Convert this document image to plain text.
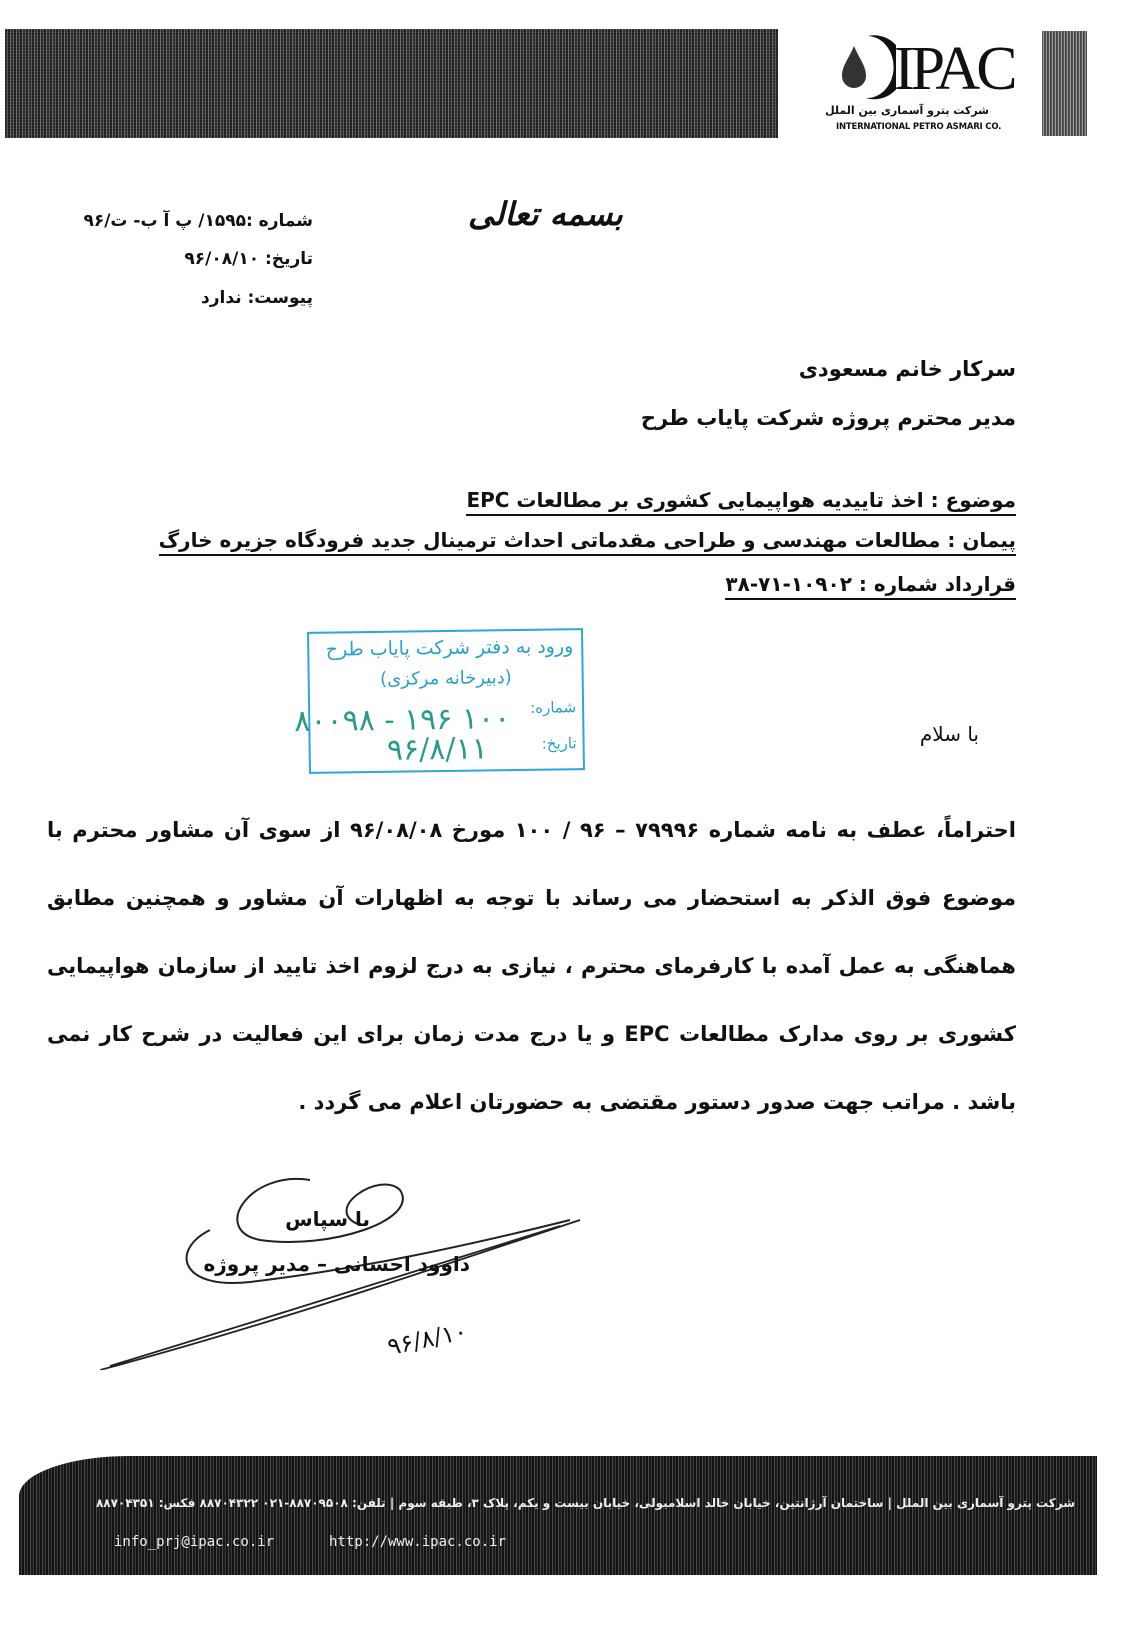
IPAC
شرکت پترو آسماری بین الملل
INTERNATIONAL PETRO ASMARI CO.
بسمه تعالی
شماره :۱۵۹۵/ پ آ ب- ت/۹۶
تاریخ: ۹۶/۰۸/۱۰
پیوست: ندارد
سرکار خانم مسعودی
مدیر محترم پروژه شرکت پایاب طرح
موضوع : اخذ تاییدیه هواپیمایی کشوری بر مطالعات EPC
پیمان : مطالعات مهندسی و طراحی مقدماتی احداث ترمینال جدید فرودگاه جزیره خارگ
قرارداد شماره : ۱۰۹۰۲-۷۱-۳۸
ورود به دفتر شرکت پایاب طرح
(دبیرخانه مرکزی)
شماره:
تاریخ:
۱۰۰ ۱۹۶ - ۸۰۰۹۸
۹۶/۸/۱۱	با سلام
احتراماً، عطف به نامه شماره ۷۹۹۹۶ – ۹۶ / ۱۰۰ مورخ ۹۶/۰۸/۰۸ از سوی آن مشاور محترم با موضوع فوق الذکر به استحضار می رساند با توجه به اظهارات آن مشاور و همچنین مطابق هماهنگی به عمل آمده با کارفرمای محترم ، نیازی به درج لزوم اخذ تایید از سازمان هواپیمایی کشوری بر روی مدارک مطالعات EPC و یا درج مدت زمان برای این فعالیت در شرح کار نمی باشد . مراتب جهت صدور دستور مقتضی به حضورتان اعلام می گردد .
با سپاس
داوود احسانی – مدیر پروژه
۹۶/۸/۱۰
شرکت پترو آسماری بین الملل | ساختمان آرژانتین، خیابان خالد اسلامبولی، خیابان بیست و یکم، پلاک ۳، طبقه سوم | تلفن: ۸۸۷۰۹۵۰۸-۰۲۱ ۸۸۷۰۴۳۲۲ فکس: ۸۸۷۰۴۳۵۱
info_prj@ipac.co.ir	http://www.ipac.co.ir
